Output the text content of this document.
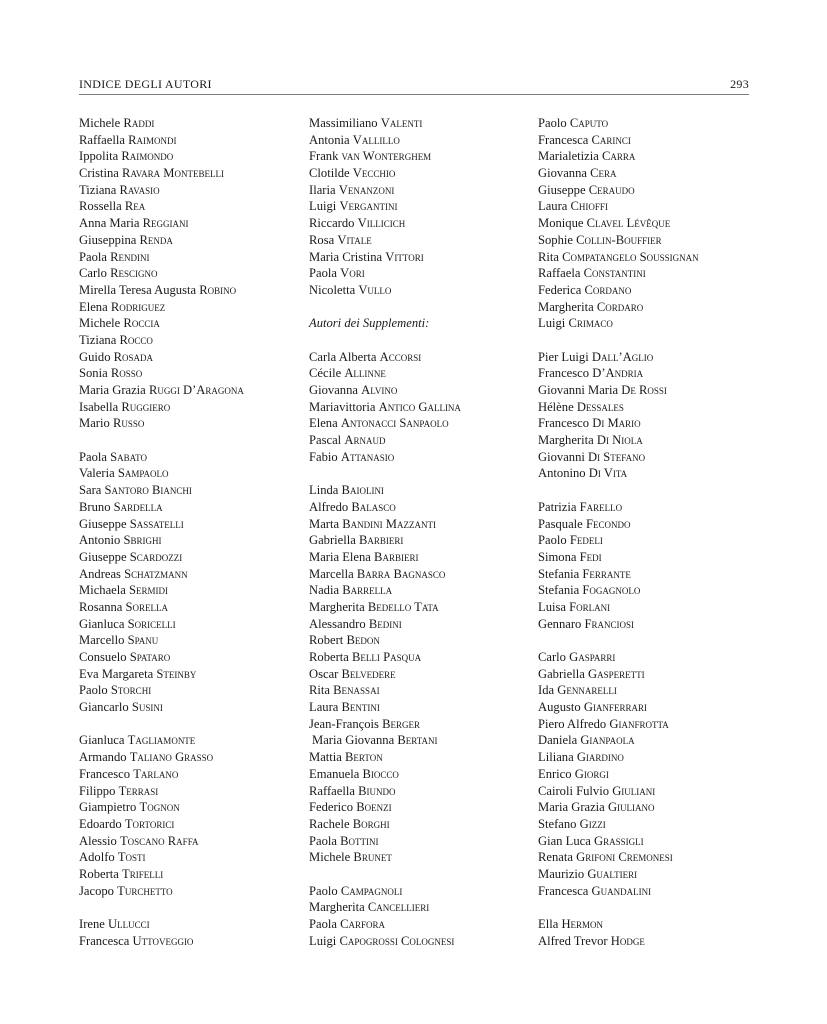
INDICE DEGLI AUTORI	293
Michele Raddi
Raffaella Raimondi
Ippolita Raimondo
Cristina Ravara Montebelli
Tiziana Ravasio
Rossella Rea
Anna Maria Reggiani
Giuseppina Renda
Paola Rendini
Carlo Rescigno
Mirella Teresa Augusta Robino
Elena Rodriguez
Michele Roccia
Tiziana Rocco
Guido Rosada
Sonia Rosso
Maria Grazia Ruggi D’Aragona
Isabella Ruggiero
Mario Russo
Paola Sabato
Valeria Sampaolo
Sara Santoro Bianchi
Bruno Sardella
Giuseppe Sassatelli
Antonio Sbrighi
Giuseppe Scardozzi
Andreas Schatzmann
Michaela Sermidi
Rosanna Sorella
Gianluca Soricelli
Marcello Spanu
Consuelo Spataro
Eva Margareta Steinby
Paolo Storchi
Giancarlo Susini
Gianluca Tagliamonte
Armando Taliano Grasso
Francesco Tarlano
Filippo Terrasi
Giampietro Tognon
Edoardo Tortorici
Alessio Toscano Raffa
Adolfo Tosti
Roberta Trifelli
Jacopo Turchetto
Irene Ullucci
Francesca Uttoveggio
Massimiliano Valenti
Antonia Vallillo
Frank van Wonterghem
Clotilde Vecchio
Ilaria Venanzoni
Luigi Vergantini
Riccardo Villicich
Rosa Vitale
Maria Cristina Vittori
Paola Vori
Nicoletta Vullo
Autori dei Supplementi:
Carla Alberta Accorsi
Cécile Allinne
Giovanna Alvino
Mariavittoria Antico Gallina
Elena Antonacci Sanpaolo
Pascal Arnaud
Fabio Attanasio
Linda Baiolini
Alfredo Balasco
Marta Bandini Mazzanti
Gabriella Barbieri
Maria Elena Barbieri
Marcella Barra Bagnasco
Nadia Barrella
Margherita Bedello Tata
Alessandro Bedini
Robert Bedon
Roberta Belli Pasqua
Oscar Belvedere
Rita Benassai
Laura Bentini
Jean-François Berger
Maria Giovanna Bertani
Mattia Berton
Emanuela Biocco
Raffaella Biundo
Federico Boenzi
Rachele Borghi
Paola Bottini
Michele Brunet
Paolo Campagnoli
Margherita Cancellieri
Paola Carfora
Luigi Capogrossi Colognesi
Paolo Caputo
Francesca Carinci
Marialetizia Carra
Giovanna Cera
Giuseppe Ceraudo
Laura Chioffi
Monique Clavel Lévêque
Sophie Collin-Bouffier
Rita Compatangelo Soussignan
Raffaela Constantini
Federica Cordano
Margherita Cordaro
Luigi Crimaco
Pier Luigi Dall’Aglio
Francesco D’Andria
Giovanni Maria De Rossi
Hélène Dessales
Francesco Di Mario
Margherita Di Niola
Giovanni Di Stefano
Antonino Di Vita
Patrizia Farello
Pasquale Fecondo
Paolo Fedeli
Simona Fedi
Stefania Ferrante
Stefania Fogagnolo
Luisa Forlani
Gennaro Franciosi
Carlo Gasparri
Gabriella Gasperetti
Ida Gennarelli
Augusto Gianferrari
Piero Alfredo Gianfrotta
Daniela Gianpaola
Liliana Giardino
Enrico Giorgi
Cairoli Fulvio Giuliani
Maria Grazia Giuliano
Stefano Gizzi
Gian Luca Grassigli
Renata Grifoni Cremonesi
Maurizio Gualtieri
Francesca Guandalini
Ella Hermon
Alfred Trevor Hodge
